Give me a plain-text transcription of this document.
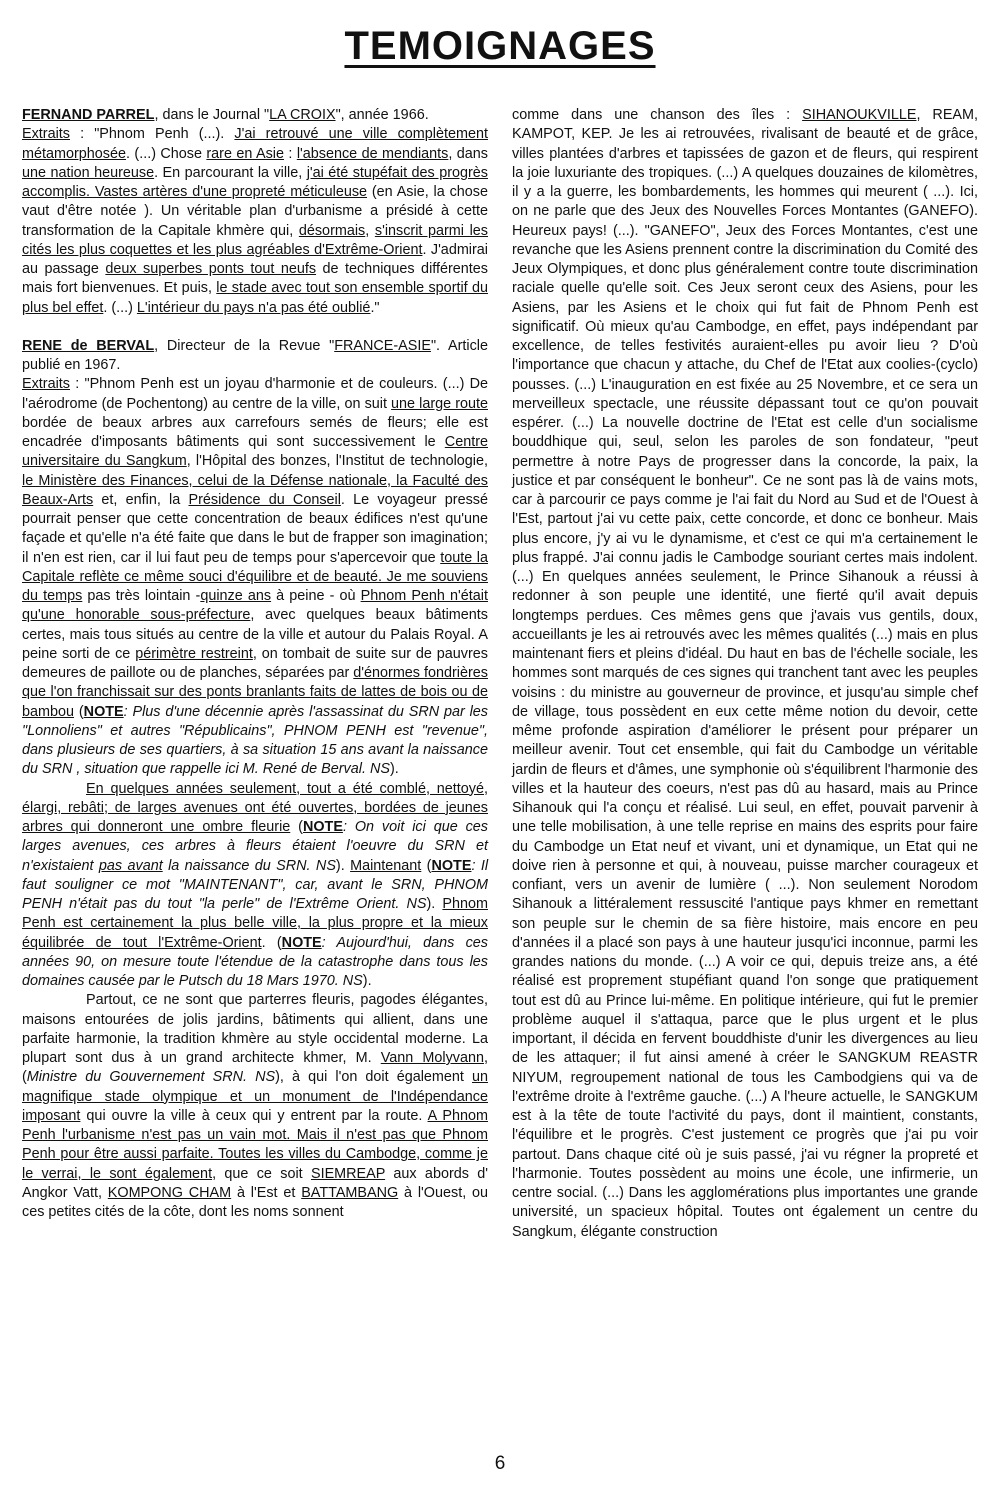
TEMOIGNAGES

FERNAND PARREL, dans le Journal "LA CROIX", année 1966.
Extraits : "Phnom Penh (...). J'ai retrouvé une ville complètement métamorphosée. (...) Chose rare en Asie : l'absence de mendiants, dans une nation heureuse. En parcourant la ville, j'ai été stupéfait des progrès accomplis. Vastes artères d'une propreté méticuleuse (en Asie, la chose vaut d'être notée ). Un véritable plan d'urbanisme a présidé à cette transformation de la Capitale khmère qui, désormais, s'inscrit parmi les cités les plus coquettes et les plus agréables d'Extrême-Orient. J'admirai au passage deux superbes ponts tout neufs de techniques différentes mais fort bienvenues. Et puis, le stade avec tout son ensemble sportif du plus bel effet. (...) L'intérieur du pays n'a pas été oublié."

RENE de BERVAL, Directeur de la Revue "FRANCE-ASIE". Article publié en 1967.
Extraits : "Phnom Penh est un joyau d'harmonie et de couleurs. (...) De l'aérodrome (de Pochentong) au centre de la ville, on suit une large route bordée de beaux arbres aux carrefours semés de fleurs; elle est encadrée d'imposants bâtiments qui sont successivement le Centre universitaire du Sangkum, l'Hôpital des bonzes, l'Institut de technologie, le Ministère des Finances, celui de la Défense nationale, la Faculté des Beaux-Arts et, enfin, la Présidence du Conseil. Le voyageur pressé pourrait penser que cette concentration de beaux édifices n'est qu'une façade et qu'elle n'a été faite que dans le but de frapper son imagination; il n'en est rien, car il lui faut peu de temps pour s'apercevoir que toute la Capitale reflète ce même souci d'équilibre et de beauté. Je me souviens du temps pas très lointain -quinze ans à peine - où Phnom Penh n'était qu'une honorable sous-préfecture, avec quelques beaux bâtiments certes, mais tous situés au centre de la ville et autour du Palais Royal. A peine sorti de ce périmètre restreint, on tombait de suite sur de pauvres demeures de paillote ou de planches, séparées par d'énormes fondrières que l'on franchissait sur des ponts branlants faits de lattes de bois ou de bambou (NOTE: Plus d'une décennie après l'assassinat du SRN par les "Lonnoliens" et autres "Républicains", PHNOM PENH est "revenue", dans plusieurs de ses quartiers, à sa situation 15 ans avant la naissance du SRN , situation que rappelle ici M. René de Berval. NS).

En quelques années seulement, tout a été comblé, nettoyé, élargi, rebâti; de larges avenues ont été ouvertes, bordées de jeunes arbres qui donneront une ombre fleurie (NOTE: On voit ici que ces larges avenues, ces arbres à fleurs étaient l'oeuvre du SRN et n'existaient pas avant la naissance du SRN. NS). Maintenant (NOTE: Il faut souligner ce mot "MAINTENANT", car, avant le SRN, PHNOM PENH n'était pas du tout "la perle" de l'Extrême Orient. NS). Phnom Penh est certainement la plus belle ville, la plus propre et la mieux équilibrée de tout l'Extrême-Orient. (NOTE: Aujourd'hui, dans ces années 90, on mesure toute l'étendue de la catastrophe dans tous les domaines causée par le Putsch du 18 Mars 1970. NS).

Partout, ce ne sont que parterres fleuris, pagodes élégantes, maisons entourées de jolis jardins, bâtiments qui allient, dans une parfaite harmonie, la tradition khmère au style occidental moderne. La plupart sont dus à un grand architecte khmer, M. Vann Molyvann, (Ministre du Gouvernement SRN. NS), à qui l'on doit également un magnifique stade olympique et un monument de l'Indépendance imposant qui ouvre la ville à ceux qui y entrent par la route. A Phnom Penh l'urbanisme n'est pas un vain mot. Mais il n'est pas que Phnom Penh pour être aussi parfaite. Toutes les villes du Cambodge, comme je le verrai, le sont également, que ce soit SIEMREAP aux abords d' Angkor Vatt, KOMPONG CHAM à l'Est et BATTAMBANG à l'Ouest, ou ces petites cités de la côte, dont les noms sonnent

comme dans une chanson des îles : SIHANOUKVILLE, REAM, KAMPOT, KEP. Je les ai retrouvées, rivalisant de beauté et de grâce, villes plantées d'arbres et tapissées de gazon et de fleurs, qui respirent la joie luxuriante des tropiques. (...) A quelques douzaines de kilomètres, il y a la guerre, les bombardements, les hommes qui meurent ( ...). Ici, on ne parle que des Jeux des Nouvelles Forces Montantes (GANEFO). Heureux pays! (...). "GANEFO", Jeux des Forces Montantes, c'est une revanche que les Asiens prennent contre la discrimination du Comité des Jeux Olympiques, et donc plus généralement contre toute discrimination raciale quelle qu'elle soit. Ces Jeux seront ceux des Asiens, pour les Asiens, par les Asiens et le choix qui fut fait de Phnom Penh est significatif. Où mieux qu'au Cambodge, en effet, pays indépendant par excellence, de telles festivités auraient-elles pu avoir lieu ? D'où l'importance que chacun y attache, du Chef de l'Etat aux coolies-(cyclo) pousses. (...) L'inauguration en est fixée au 25 Novembre, et ce sera un merveilleux spectacle, une réussite dépassant tout ce qu'on pouvait espérer. (...) La nouvelle doctrine de l'Etat est celle d'un socialisme bouddhique qui, seul, selon les paroles de son fondateur, "peut permettre à notre Pays de progresser dans la concorde, la paix, la justice et par conséquent le bonheur". Ce ne sont pas là de vains mots, car à parcourir ce pays comme je l'ai fait du Nord au Sud et de l'Ouest à l'Est, partout j'ai vu cette paix, cette concorde, et donc ce bonheur. Mais plus encore, j'y ai vu le dynamisme, et c'est ce qui m'a certainement le plus frappé. J'ai connu jadis le Cambodge souriant certes mais indolent. (...) En quelques années seulement, le Prince Sihanouk a réussi à redonner à son peuple une identité, une fierté qu'il avait depuis longtemps perdues. Ces mêmes gens que j'avais vus gentils, doux, accueillants je les ai retrouvés avec les mêmes qualités (...) mais en plus maintenant fiers et pleins d'idéal. Du haut en bas de l'échelle sociale, les hommes sont marqués de ces signes qui tranchent tant avec les peuples voisins : du ministre au gouverneur de province, et jusqu'au simple chef de village, tous possèdent en eux cette même notion du devoir, cette même profonde aspiration d'améliorer le présent pour préparer un meilleur avenir. Tout cet ensemble, qui fait du Cambodge un véritable jardin de fleurs et d'âmes, une symphonie où s'équilibrent l'harmonie des villes et la hauteur des coeurs, n'est pas dû au hasard, mais au Prince Sihanouk qui l'a conçu et réalisé. Lui seul, en effet, pouvait parvenir à une telle mobilisation, à une telle reprise en mains des esprits pour faire du Cambodge un Etat neuf et vivant, uni et dynamique, un Etat qui ne doive rien à personne et qui, à nouveau, puisse marcher courageux et confiant, vers un avenir de lumière ( ...). Non seulement Norodom Sihanouk a littéralement ressuscité l'antique pays khmer en remettant son peuple sur le chemin de sa fière histoire, mais encore en peu d'années il a placé son pays à une hauteur jusqu'ici inconnue, parmi les grandes nations du monde. (...) A voir ce qui, depuis treize ans, a été réalisé est proprement stupéfiant quand l'on songe que pratiquement tout est dû au Prince lui-même. En politique intérieure, qui fut le premier problème auquel il s'attaqua, parce que le plus urgent et le plus important, il décida en fervent bouddhiste d'unir les divergences au lieu de les attaquer; il fut ainsi amené à créer le SANGKUM REASTR NIYUM, regroupement national de tous les Cambodgiens qui va de l'extrême droite à l'extrême gauche. (...) A l'heure actuelle, le SANGKUM est à la tête de toute l'activité du pays, dont il maintient, constants, l'équilibre et le progrès. C'est justement ce progrès que j'ai pu voir partout. Dans chaque cité où je suis passé, j'ai vu régner la propreté et l'harmonie. Toutes possèdent au moins une école, une infirmerie, un centre social. (...) Dans les agglomérations plus importantes une grande université, un spacieux hôpital. Toutes ont également un centre du Sangkum, élégante construction

6
